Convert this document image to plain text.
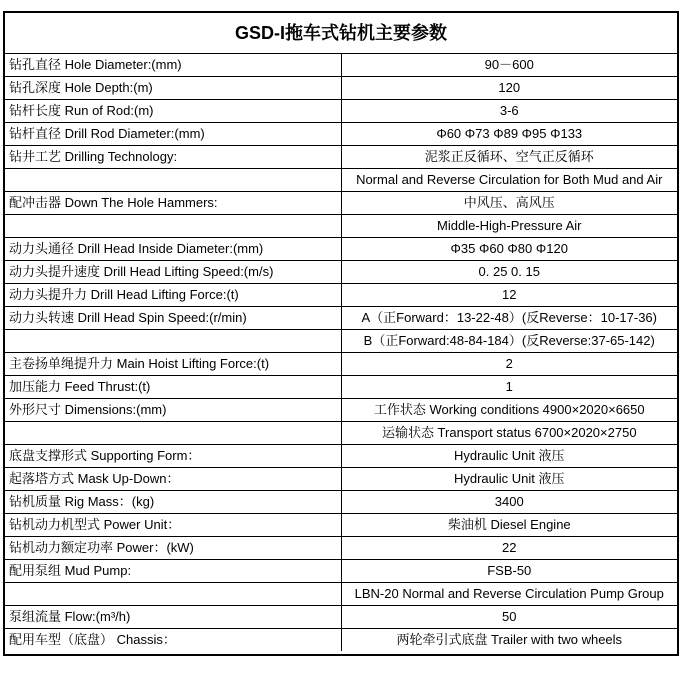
GSD-I拖车式钻机主要参数	
钻孔直径 Hole Diameter:(mm)	90－600
钻孔深度 Hole Depth:(m)	120
钻杆长度 Run of Rod:(m)	3-6
钻杆直径 Drill Rod Diameter:(mm)	Φ60 Φ73 Φ89 Φ95 Φ133
钻井工艺 Drilling Technology:	泥浆正反循环、空气正反循环
	Normal and Reverse Circulation for Both Mud and Air
配冲击器 Down The Hole Hammers:	中风压、高风压
	Middle-High-Pressure Air
动力头通径 Drill Head Inside Diameter:(mm)	Φ35 Φ60 Φ80 Φ120
动力头提升速度 Drill Head Lifting Speed:(m/s)	0. 25 0. 15
动力头提升力 Drill Head Lifting Force:(t)	12
动力头转速 Drill Head Spin Speed:(r/min)	A（正Forward：13-22-48）(反Reverse：10-17-36)
	B（正Forward:48-84-184）(反Reverse:37-65-142)
主卷扬单绳提升力 Main Hoist Lifting Force:(t)	2
加压能力 Feed Thrust:(t)	1
外形尺寸 Dimensions:(mm)	工作状态 Working conditions 4900×2020×6650
	运输状态 Transport status 6700×2020×2750
底盘支撑形式 Supporting Form：	Hydraulic Unit 液压
起落塔方式 Mask Up-Down：	Hydraulic Unit 液压
钻机质量 Rig Mass：(kg)	3400
钻机动力机型式 Power Unit：	柴油机 Diesel Engine
钻机动力额定功率 Power：(kW)	22
配用泵组 Mud Pump:	FSB-50
	LBN-20 Normal and Reverse Circulation Pump Group
泵组流量 Flow:(m³/h)	50
配用车型（底盘） Chassis：	两轮牵引式底盘 Trailer with two wheels
